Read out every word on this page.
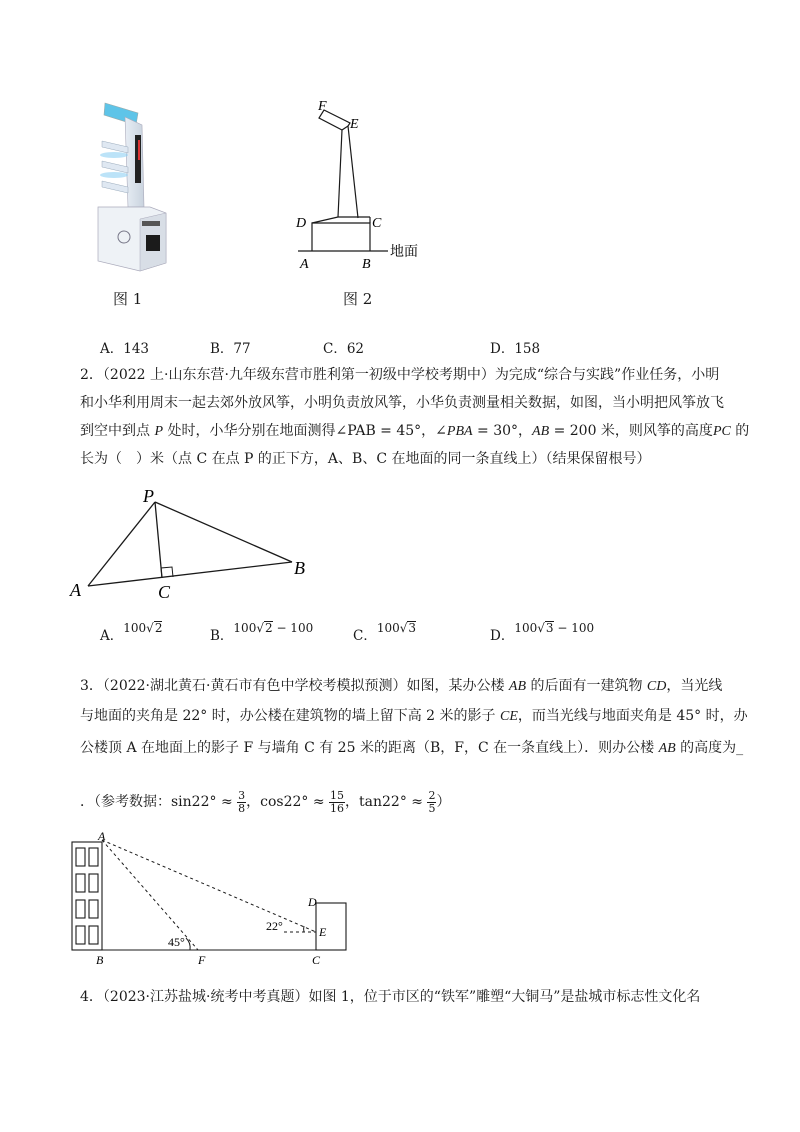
图 1
F
E
D	C
A	B
地面
图 2
A．143	B．77	C．62	D．158
2．（2022 上·山东东营·九年级东营市胜利第一初级中学校考期中）为完成“综合与实践”作业任务，小明
和小华利用周末一起去郊外放风筝，小明负责放风筝，小华负责测量相关数据，如图，当小明把风筝放飞
到空中到点 P 处时，小华分别在地面测得∠PAB = 45°，∠PBA = 30°，AB = 200 米，则风筝的高度PC 的
长为（　）米（点 C 在点 P 的正下方，A、B、C 在地面的同一条直线上）（结果保留根号）
P
A
B
C
A．100√2	B．100√2 − 100	C．100√3	D．100√3 − 100
3．（2022·湖北黄石·黄石市有色中学校考模拟预测）如图，某办公楼 AB 的后面有一建筑物 CD，当光线
与地面的夹角是 22° 时，办公楼在建筑物的墙上留下高 2 米的影子 CE，而当光线与地面夹角是 45° 时，办
公楼顶 A 在地面上的影子 F 与墙角 C 有 25 米的距离（B，F，C 在一条直线上）．则办公楼 AB 的高度为_
．（参考数据：$\sin 22^\circ \approx \frac{3}{8}$ ，$\cos 22^\circ \approx \frac{15}{16}$ ，$\tan 22^\circ \approx \frac{2}{5}$ ）
A
B	F	C
D
E
45°
22°
4．（2023·江苏盐城·统考中考真题）如图 1，位于市区的“铁军”雕塑“大铜马”是盐城市标志性文化名
